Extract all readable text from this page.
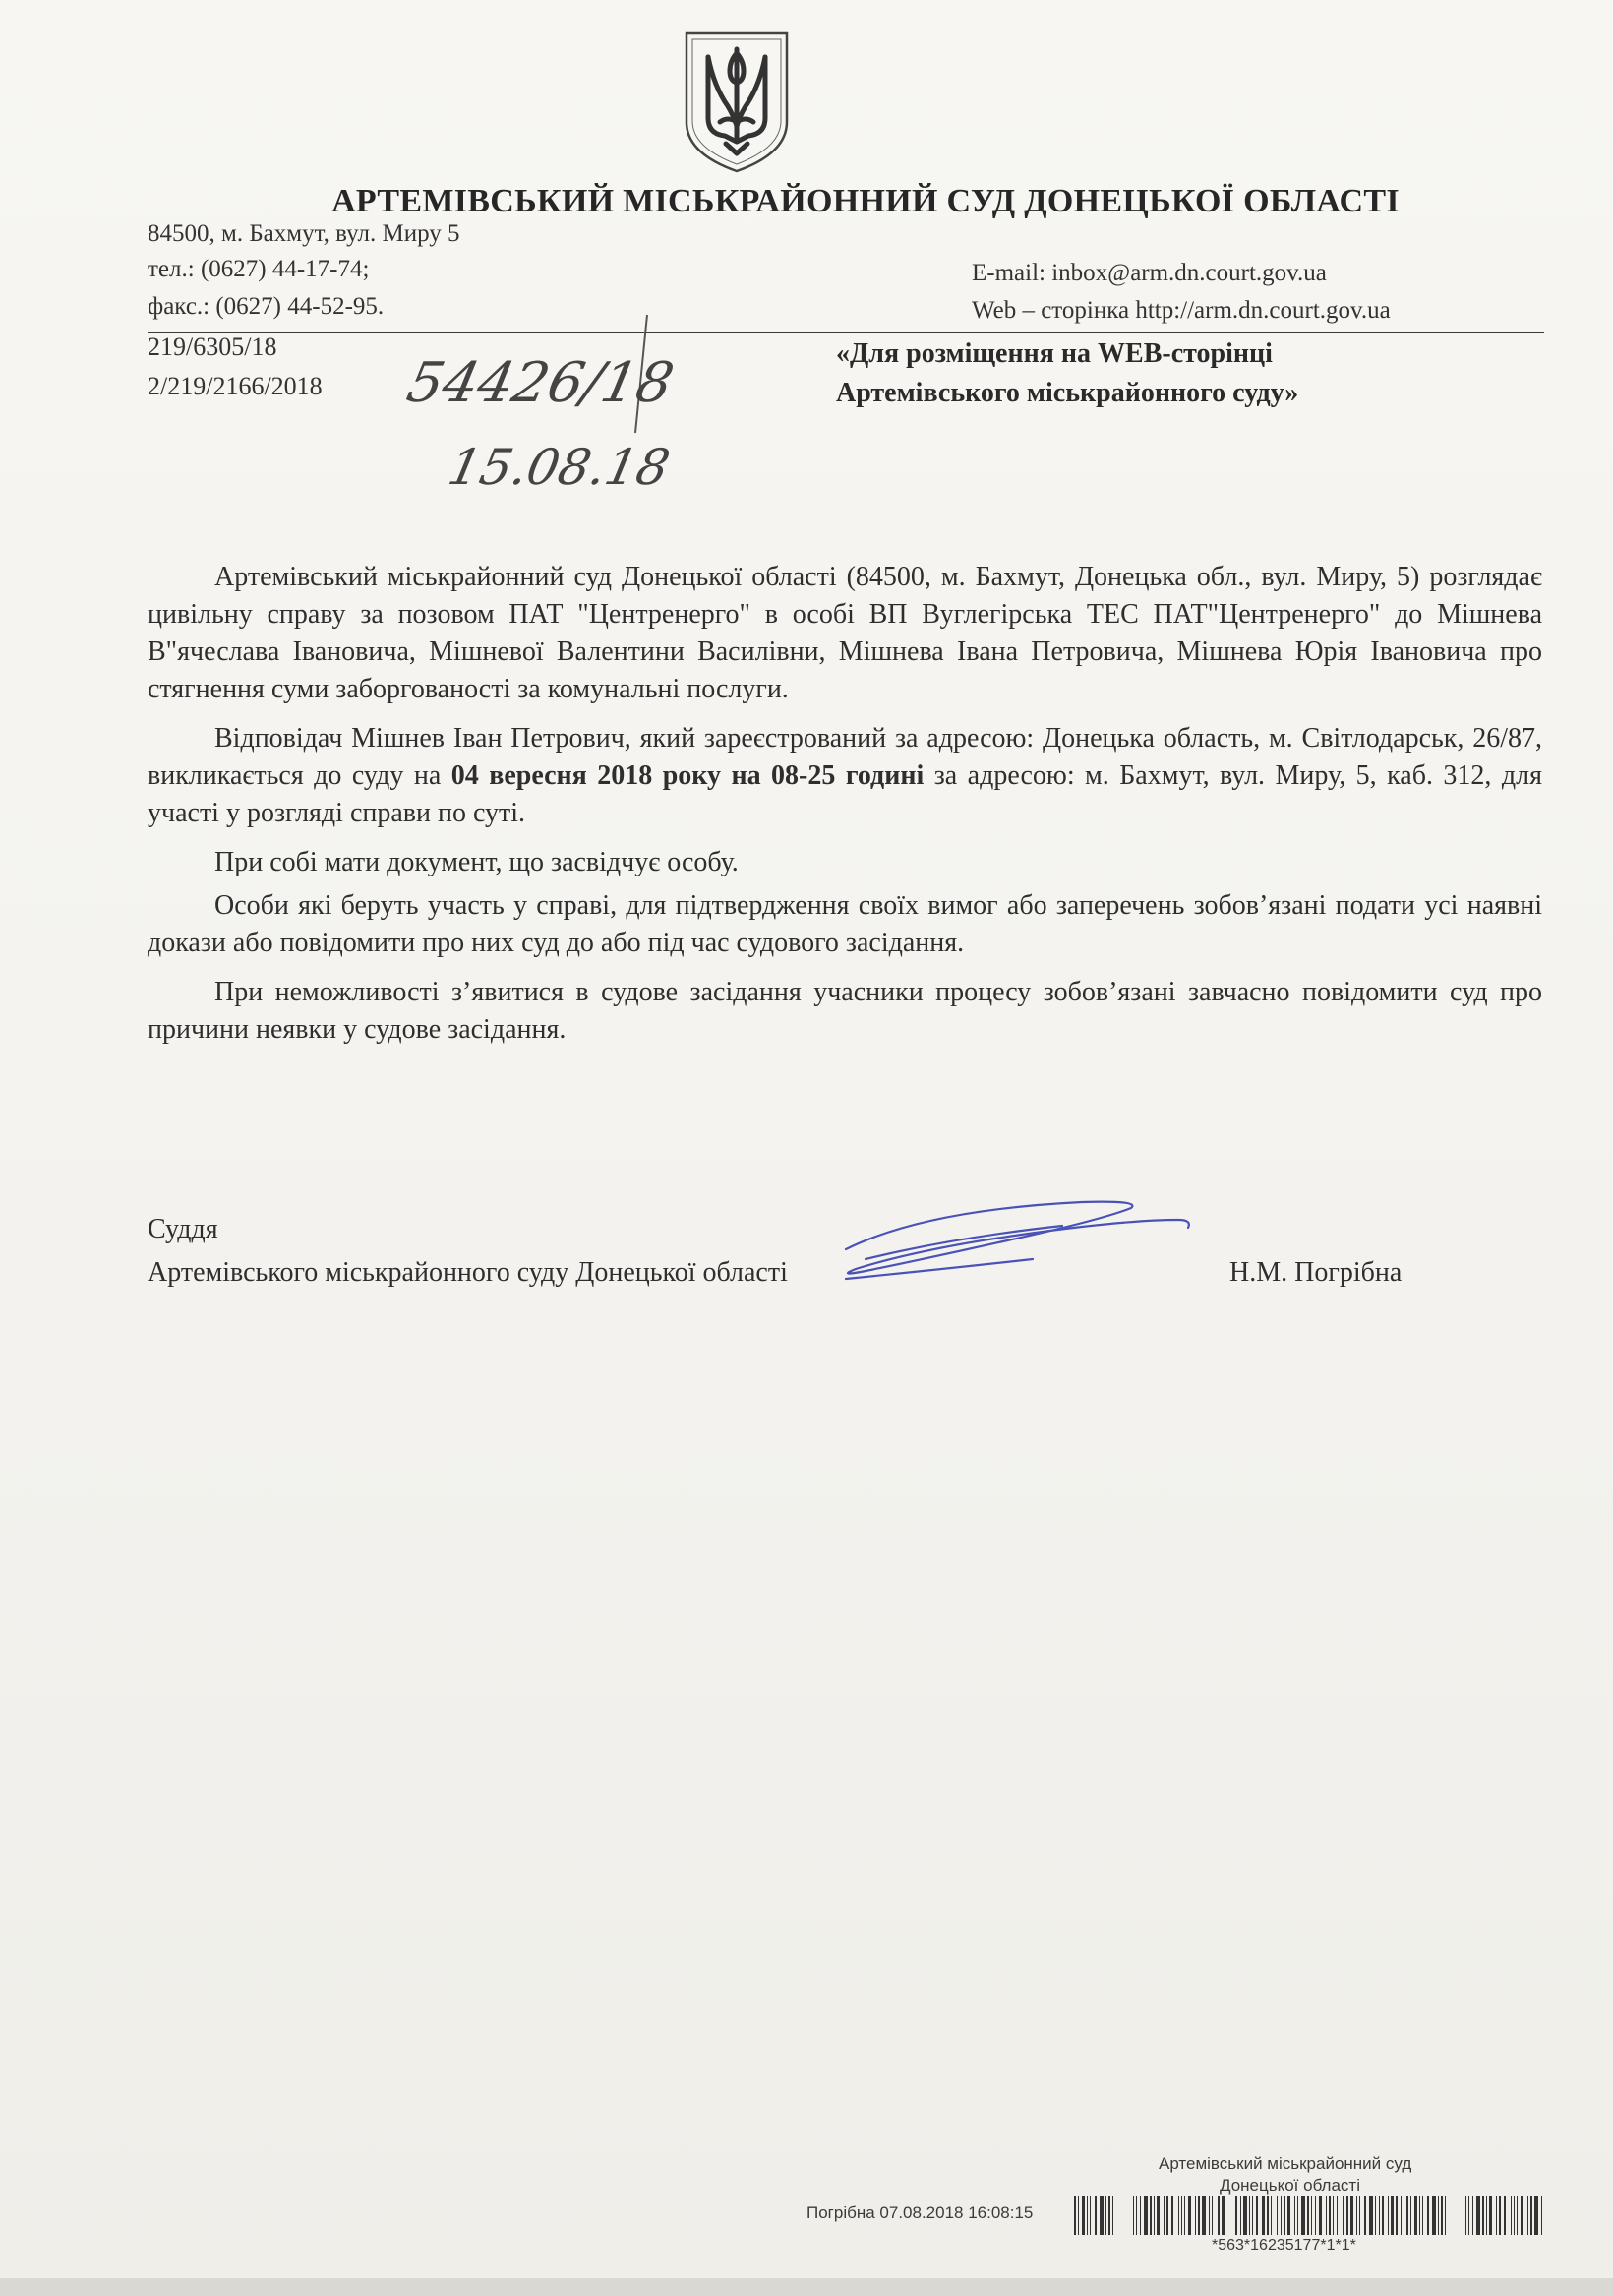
АРТЕМІВСЬКИЙ МІСЬКРАЙОННИЙ СУД ДОНЕЦЬКОЇ ОБЛАСТІ
84500, м. Бахмут, вул. Миру 5
тел.: (0627) 44-17-74;
факс.: (0627) 44-52-95.
E-mail: inbox@arm.dn.court.gov.ua
Web – сторінка http://arm.dn.court.gov.ua
219/6305/18
2/219/2166/2018
«Для розміщення на WEB-сторінці
Артемівського міськрайонного суду»
54426/18
15.08.18

Артемівський міськрайонний суд Донецької області (84500, м. Бахмут, Донецька обл., вул. Миру, 5) розглядає цивільну справу за позовом ПАТ "Центренерго" в особі ВП Вуглегірська ТЕС ПАТ"Центренерго" до Мішнева В"ячеслава Івановича, Мішневої Валентини Василівни, Мішнева Івана Петровича, Мішнева Юрія Івановича про стягнення суми заборгованості за комунальні послуги.

Відповідач Мішнев Іван Петрович, який зареєстрований за адресою: Донецька область, м. Світлодарськ, 26/87, викликається до суду на 04 вересня 2018 року на 08-25 годині за адресою: м. Бахмут, вул. Миру, 5, каб. 312, для участі у розгляді справи по суті.

При собі мати документ, що засвідчує особу.

Особи які беруть участь у справі, для підтвердження своїх вимог або заперечень зобов’язані подати усі наявні докази або повідомити про них суд до або під час судового засідання.

При неможливості з’явитися в судове засідання учасники процесу зобов’язані завчасно повідомити суд про причини неявки у судове засідання.

Суддя
Артемівського міськрайонного суду Донецької області	Н.М. Погрібна
Артемівський міськрайонний суд
Донецької області
Погрібна 07.08.2018 16:08:15
*563*16235177*1*1*
